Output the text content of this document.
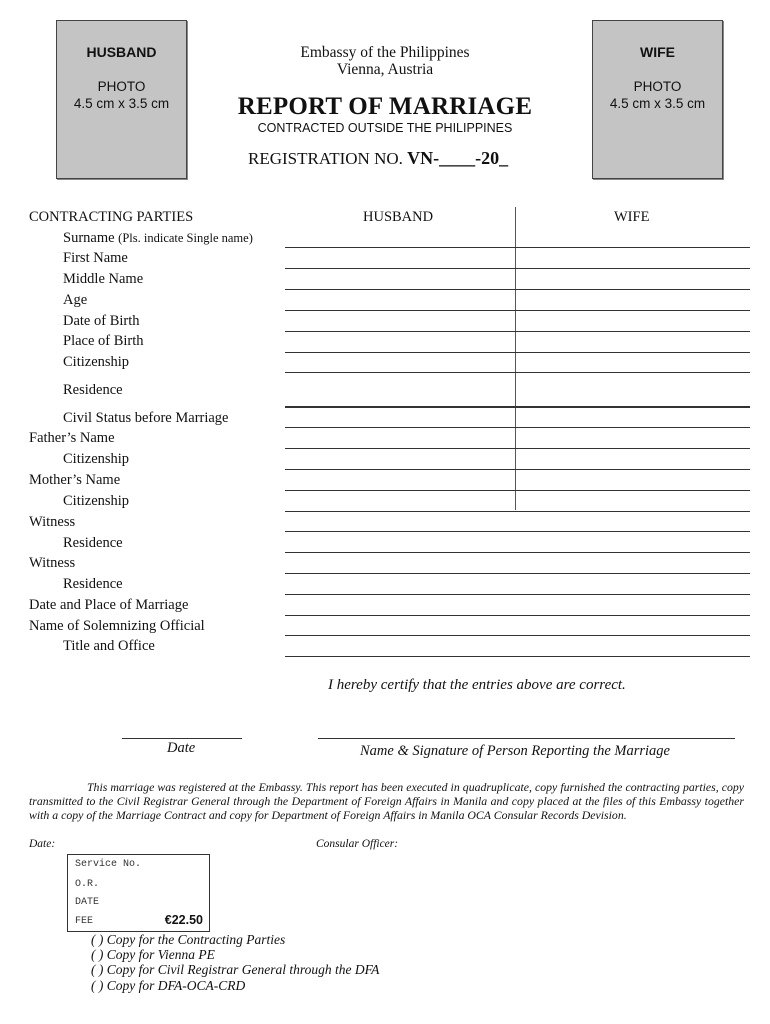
HUSBAND
PHOTO
4.5 cm x 3.5 cm
WIFE
PHOTO
4.5 cm x 3.5 cm
Embassy of the Philippines
Vienna, Austria
REPORT OF MARRIAGE
CONTRACTED OUTSIDE THE PHILIPPINES
REGISTRATION NO. VN-____-20_
CONTRACTING PARTIES	HUSBAND	WIFE
Surname (Pls. indicate Single name)
First Name
Middle Name
Age
Date of Birth
Place of Birth
Citizenship
Residence
Civil Status before Marriage
Father’s Name
Citizenship
Mother’s Name
Citizenship
Witness
Residence
Witness
Residence
Date and Place of Marriage
Name of Solemnizing Official
Title and Office
I hereby certify that the entries above are correct.
Date	Name & Signature of Person Reporting the Marriage
This marriage was registered at the Embassy. This report has been executed in quadruplicate, copy furnished the contracting parties, copy transmitted to the Civil Registrar General through the Department of Foreign Affairs in Manila and copy placed at the files of this Embassy together with a copy of the Marriage Contract and copy for Department of Foreign Affairs in Manila OCA Consular Records Devision.
Date:	Consular Officer:
Service No.
O.R.
DATE
FEE	€22.50
( ) Copy for the Contracting Parties
( ) Copy for Vienna PE
( ) Copy for Civil Registrar General through the DFA
( ) Copy for DFA-OCA-CRD
